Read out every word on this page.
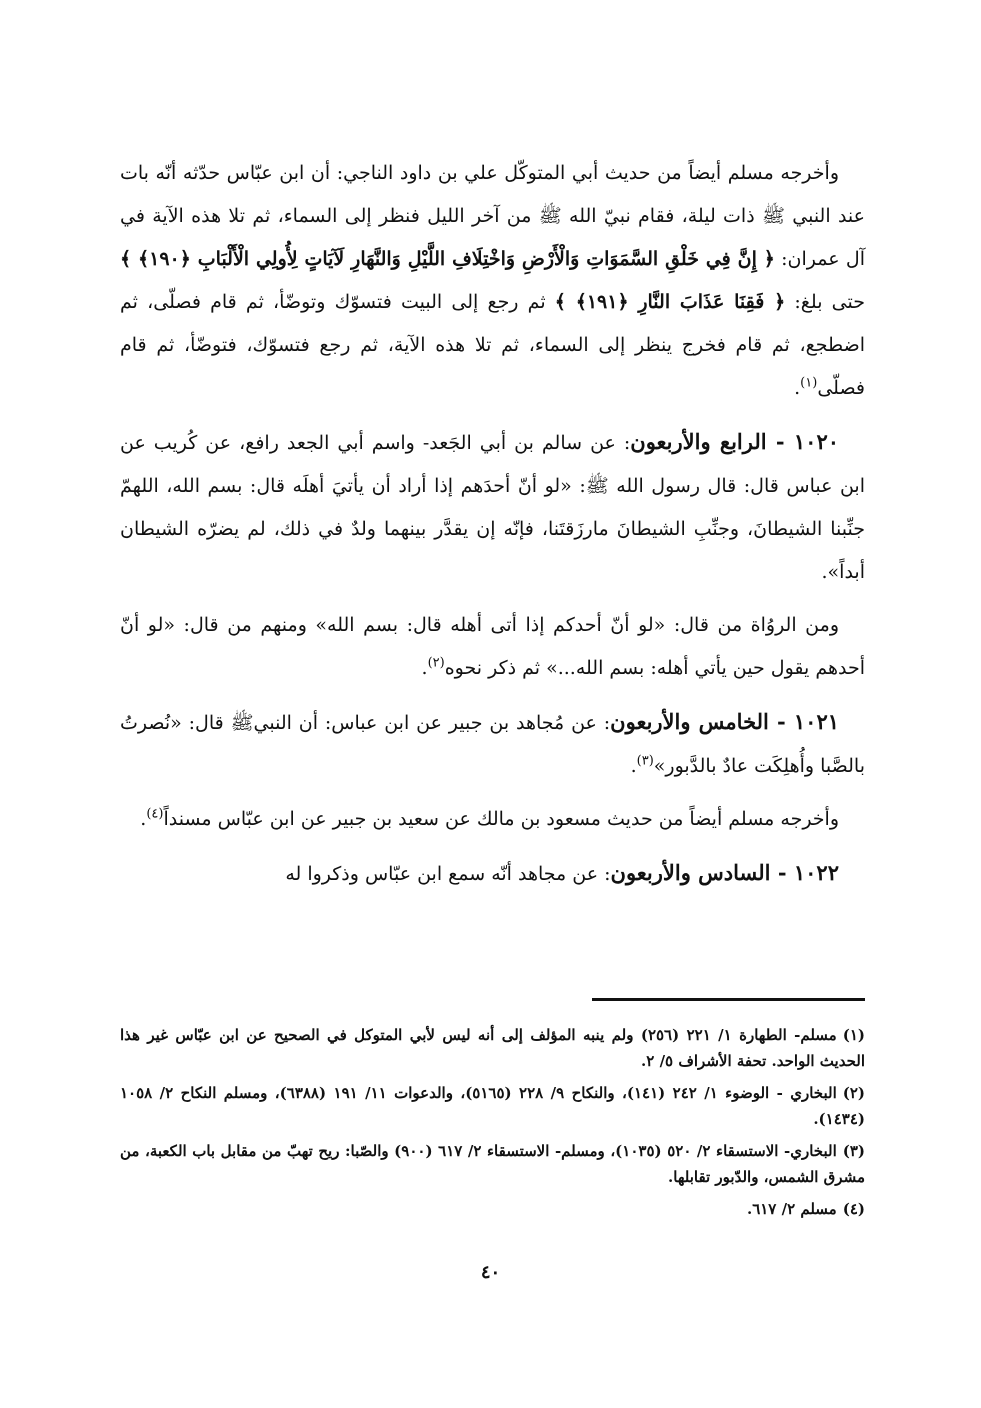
وأخرجه مسلم أيضاً من حديث أبي المتوكّل علي بن داود الناجي: أن ابن عبّاس حدّثه أنّه بات عند النبي ﷺ ذات ليلة، فقام نبيّ الله ﷺ من آخر الليل فنظر إلى السماء، ثم تلا هذه الآية في آل عمران: ﴿ إِنَّ فِي خَلْقِ السَّمَوَاتِ وَالْأَرْضِ وَاخْتِلَافِ اللَّيْلِ وَالنَّهَارِ لَآيَاتٍ لِأُولِي الْأَلْبَابِ ﴿١٩٠﴾ ﴾حتى بلغ: ﴿ فَقِنَا عَذَابَ النَّارِ ﴿١٩١﴾ ﴾ ثم رجع إلى البيت فتسوّك وتوضّأ، ثم قام فصلّى، ثم اضطجع، ثم قام فخرج ينظر إلى السماء، ثم تلا هذه الآية، ثم رجع فتسوّك، فتوضّأ، ثم قام فصلّى$^{(١)}$.

١٠٢٠ - الرابع والأربعون: عن سالم بن أبي الجَعد- واسم أبي الجعد رافع، عن كُريب عن ابن عباس قال: قال رسول الله ﷺ: «لو أنّ أحدَهم إذا أراد أن يأتيَ أهلَه قال: بسم الله، اللهمّ جنِّبنا الشيطانَ، وجنِّبِ الشيطانَ مارزَقتَنا، فإنّه إن يقدَّر بينهما ولدٌ في ذلك، لم يضرّه الشيطان أبداً».

ومن الروُاة من قال: «لو أنّ أحدكم إذا أتى أهله قال: بسم الله» ومنهم من قال: «لو أنّ أحدهم يقول حين يأتي أهله: بسم الله...» ثم ذكر نحوه$^{(٢)}$.

١٠٢١ - الخامس والأربعون: عن مُجاهد بن جبير عن ابن عباس: أن النبيﷺ قال: «نُصرتُ بالصَّبا وأُهلِكَت عادٌ بالدَّبور»$^{(٣)}$.

وأخرجه مسلم أيضاً من حديث مسعود بن مالك عن سعيد بن جبير عن ابن عبّاس مسنداً$^{(٤)}$.

١٠٢٢ - السادس والأربعون: عن مجاهد أنّه سمع ابن عبّاس وذكروا له

(١)مسلم- الطهارة ١/ ٢٢١ (٢٥٦) ولم ينبه المؤلف إلى أنه ليس لأبي المتوكل في الصحيح عن ابن عبّاس غير هذا الحديث الواحد. تحفة الأشراف ٥/ ٢.

(٢)البخاري - الوضوء ١/ ٢٤٢ (١٤١)، والنكاح ٩/ ٢٢٨ (٥١٦٥)، والدعوات ١١/ ١٩١ (٦٣٨٨)، ومسلم النكاح ٢/ ١٠٥٨ (١٤٣٤).

(٣)البخاري- الاستسقاء ٢/ ٥٢٠ (١٠٣٥)، ومسلم- الاستسقاء ٢/ ٦١٧ (٩٠٠) والصّبا: ريح تهبّ من مقابل باب الكعبة، من مشرق الشمس، والدّبور تقابلها.

(٤)مسلم ٢/ ٦١٧.

٤٠
